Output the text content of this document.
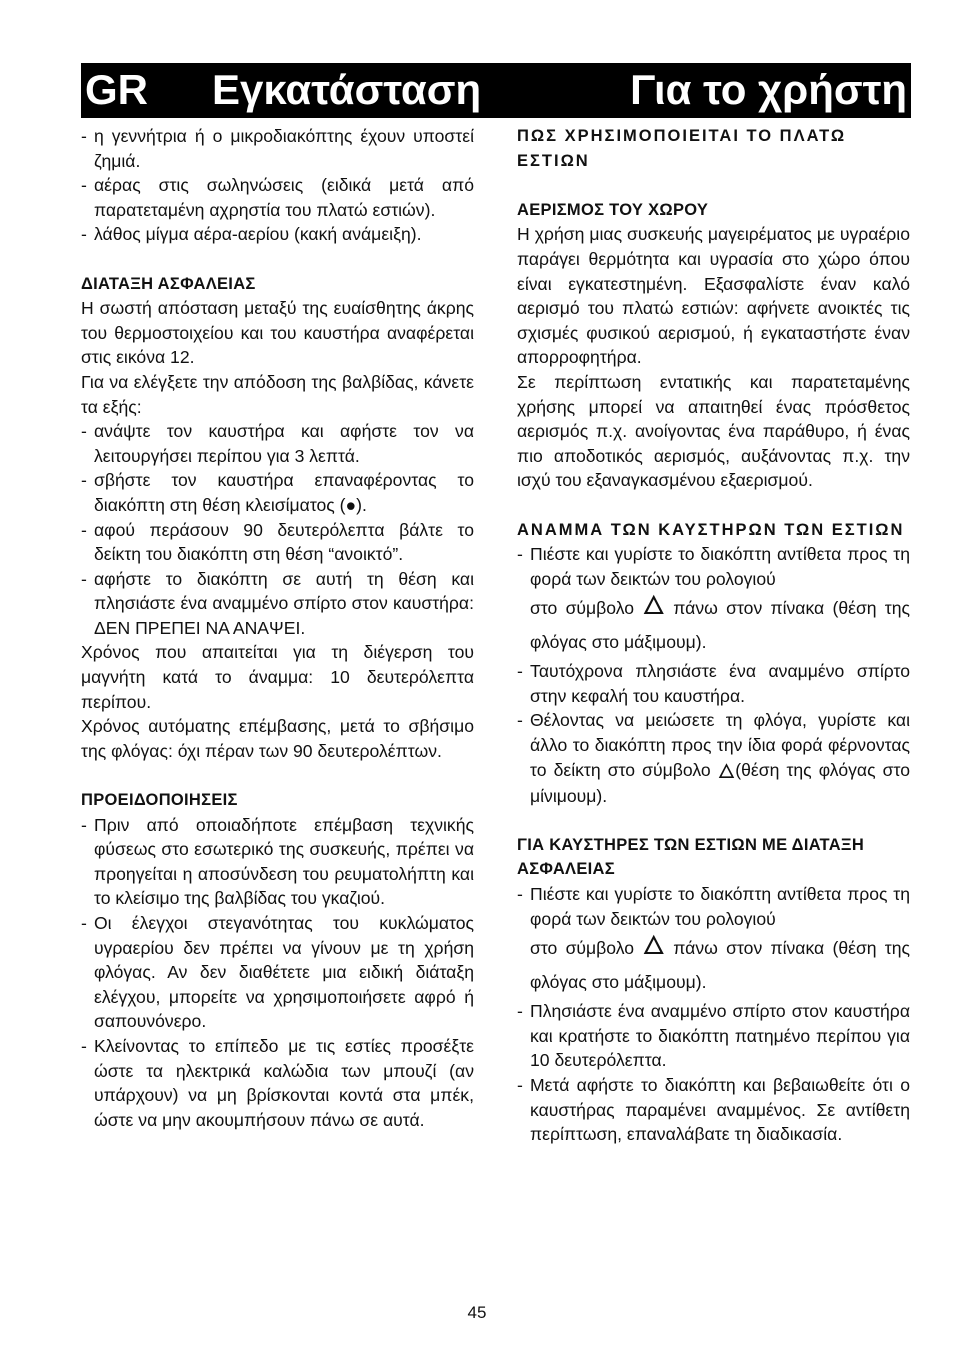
GR Εγκατάσταση	Για το χρήστη
- η γεννήτρια ή ο μικροδιακόπτης έχουν υποστεί ζημιά.
- αέρας στις σωληνώσεις (ειδικά μετά από παρατεταμένη αχρηστία του πλατώ εστιών).
- λάθος μίγμα αέρα-αερίου (κακή ανάμειξη).
ΔΙΑΤΑΞΗ ΑΣΦΑΛΕΙΑΣ

Η σωστή απόσταση μεταξύ της ευαίσθητης άκρης του θερμοστοιχείου και του καυστήρα αναφέρεται στις εικόνα 12.

Για να ελέγξετε την απόδοση της βαλβίδας, κάνετε τα εξής:

- ανάψτε τον καυστήρα και αφήστε τον να λειτουργήσει περίπου για 3 λεπτά.
- σβήστε τον καυστήρα επαναφέροντας το διακόπτη στη θέση κλεισίματος (●).
- αφού περάσουν 90 δευτερόλεπτα βάλτε το δείκτη του διακόπτη στη θέση “ανοικτό”.
- αφήστε το διακόπτη σε αυτή τη θέση και πλησιάστε ένα αναμμένο σπίρτο στον καυστήρα: ΔΕΝ ΠΡΕΠΕΙ ΝΑ ΑΝΑΨΕΙ.

Χρόνος που απαιτείται για τη διέγερση του μαγνήτη κατά το άναμμα: 10 δευτερόλεπτα περίπου.

Χρόνος αυτόματης επέμβασης, μετά το σβήσιμο της φλόγας: όχι πέραν των 90 δευτερολέπτων.

ΠΡΟΕΙΔΟΠΟΙΗΣΕΙΣ
- Πριν από οποιαδήποτε επέμβαση τεχνικής φύσεως στο εσωτερικό της συσκευής, πρέπει να προηγείται η αποσύνδεση του ρευματολήπτη και το κλείσιμο της βαλβίδας του γκαζιού.
- Οι έλεγχοι στεγανότητας του κυκλώματος υγραερίου δεν πρέπει να γίνουν με τη χρήση φλόγας. Αν δεν διαθέτετε μια ειδική διάταξη ελέγχου, μπορείτε να χρησιμοποιήσετε αφρό ή σαπουνόνερο.
- Κλείνοντας το επίπεδο με τις εστίες προσέξτε ώστε τα ηλεκτρικά καλώδια των μπουζί (αν υπάρχουν) να μη βρίσκονται κοντά στα μπέκ, ώστε να μην ακουμπήσουν πάνω σε αυτά.
ΠΩΣ ΧΡΗΣΙΜΟΠΟΙΕΙΤΑΙ ΤΟ ΠΛΑΤΩ ΕΣΤΙΩΝ
ΑΕΡΙΣΜΟΣ ΤΟΥ ΧΩΡΟΥ

Η χρήση μιας συσκευής μαγειρέματος με υγραέριο παράγει θερμότητα και υγρασία στο χώρο όπου είναι εγκατεστημένη. Εξασφαλίστε έναν καλό αερισμό του πλατώ εστιών: αφήνετε ανοικτές τις σχισμές φυσικού αερισμού, ή εγκαταστήστε έναν απορροφητήρα.

Σε περίπτωση εντατικής και παρατεταμένης χρήσης μπορεί να απαιτηθεί ένας πρόσθετος αερισμός π.χ. ανοίγοντας ένα παράθυρο, ή ένας πιο αποδοτικός αερισμός, αυξάνοντας π.χ. την ισχύ του εξαναγκασμένου εξαερισμού.

ΑΝΑΜΜΑ ΤΩΝ ΚΑΥΣΤΗΡΩΝ ΤΩΝ ΕΣΤΙΩΝ
- Πιέστε και γυρίστε το διακόπτη αντίθετα προς τη φορά των δεικτών του ρολογιού
στο σύμβολο 🜂 πάνω στον πίνακα (θέση της φλόγας στο μάξιμουμ).
- Ταυτόχρονα πλησιάστε ένα αναμμένο σπίρτο στην κεφαλή του καυστήρα.
- Θέλοντας να μειώσετε τη φλόγα, γυρίστε και άλλο το διακόπτη προς την ίδια φορά φέρνοντας το δείκτη στο σύμβολο 🜂(θέση της φλόγας στο μίνιμουμ).
ΓΙΑ ΚΑΥΣΤΗΡΕΣ ΤΩΝ ΕΣΤΙΩΝ ΜΕ ΔΙΑΤΑΞΗ ΑΣΦΑΛΕΙΑΣ
- Πιέστε και γυρίστε το διακόπτη αντίθετα προς τη φορά των δεικτών του ρολογιού
στο σύμβολο 🜂 πάνω στον πίνακα (θέση της φλόγας στο μάξιμουμ).
- Πλησιάστε ένα αναμμένο σπίρτο στον καυστήρα και κρατήστε το διακόπτη πατημένο περίπου για 10 δευτερόλεπτα.
- Μετά αφήστε το διακόπτη και βεβαιωθείτε ότι ο καυστήρας παραμένει αναμμένος. Σε αντίθετη περίπτωση, επαναλάβατε τη διαδικασία.
45
